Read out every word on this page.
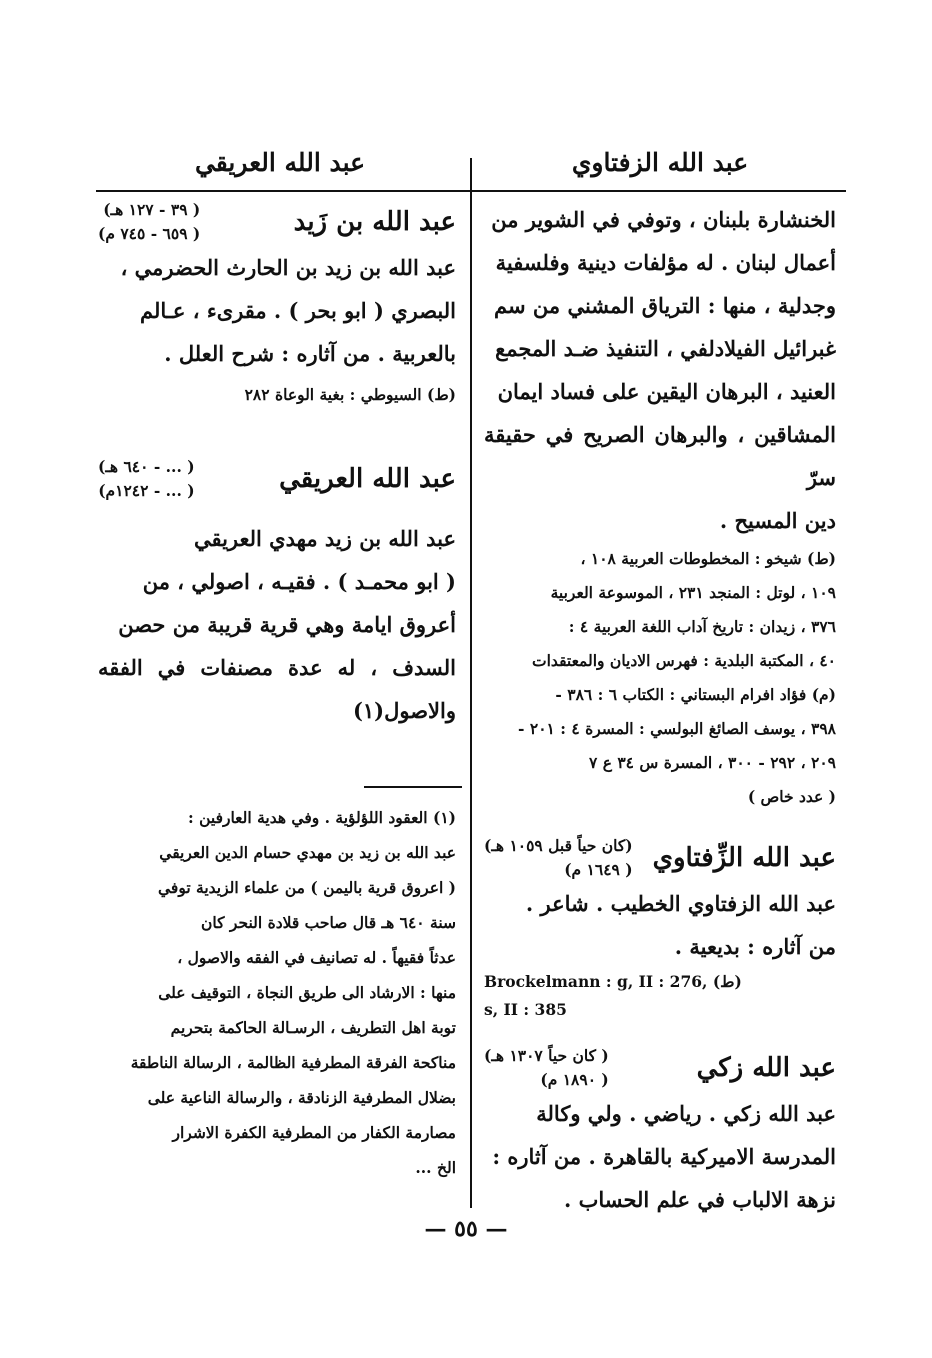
عبد الله الزفتاوي
عبد الله العريقي

الخنشارة بلبنان ، وتوفي في الشوير من

أعمال لبنان . له مؤلفات دينية وفلسفية

وجدلية ، منها : الترياق المشني من سم

غبرائيل الفيلادلفي ، التنفيذ ضـد المجمع

العنيد ، البرهان اليقين على فساد ايمان

المشاقين ، والبرهان الصريح في حقيقة سرّ

دين المسيح .

(ط) شيخو : المخطوطات العربية ١٠٨ ،

١٠٩ ، لوتل : المنجد ٢٣١ ، الموسوعة العربية

٣٧٦ ، زيدان : تاريخ آداب اللغة العربية ٤ :

٤٠ ، المكتبة البلدية : فهرس الاديان والمعتقدات

(م) فؤاد افرام البستاني : الكتاب ٦ : ٣٨٦ -

٣٩٨ ، يوسف الصائغ البولسي : المسرة ٤ : ٢٠١ -

٢٠٩ ، ٢٩٢ - ٣٠٠ ، المسرة س ٣٤ ع ٧

( عدد خاص )

عبد الله الزِّفتاوي
(كان حياً قبل ١٠٥٩ هـ)
( ١٦٤٩ م)

عبد الله الزفتاوي الخطيب . شاعر .

من آثاره : بديعية .

Brockelmann : g, II : 276, (ط)

s, II : 385

عبد الله زكي
( كان حياً ١٣٠٧ هـ)
( ١٨٩٠ م)

عبد الله زكي . رياضي . ولي وكالة

المدرسة الاميركية بالقاهرة . من آثاره :

نزهة الالباب في علم الحساب .

عبد الله بن زَيد
( ٣٩ - ١٢٧ هـ)
( ٦٥٩ - ٧٤٥ م)

عبد الله بن زيد بن الحارث الحضرمي ،

البصري ( ابو بحر ) . مقرىء ، عـالم

بالعربية . من آثاره : شرح العلل .

(ط) السيوطي : بغية الوعاة ٢٨٢

عبد الله العريقي
( ... - ٦٤٠ هـ)
( ... - ١٢٤٢م)

عبد الله بن زيد مهدي العريقي

( ابو محمـد ) . فقيـه ، اصولي ، من

أعروق ايامة وهي قرية قريبة من حصن

السدف ، له عدة مصنفات في الفقه والاصول(١)

(١) العقود اللؤلؤية . وفي هدية العارفين :

عبد الله بن زيد بن مهدي حسام الدين العريقي

( اعروق قرية باليمن ) من علماء الزيدية توفي

سنة ٦٤٠ هـ قال صاحب قلادة النحر كان

عدثاً فقيهاً . له تصانيف في الفقه والاصول ،

منها : الارشاد الى طريق النجاة ، التوقيف على

توبة اهل التطريف ، الرسـالة الحاكمة بتحريم

مناكحة الفرقة المطرفية الظالمة ، الرسالة الناطقة

بضلال المطرفية الزنادقة ، والرسالة الناعية على

مصارمة الكفار من المطرفية الكفرة الاشرار

الخ ...

— ٥٥ —
